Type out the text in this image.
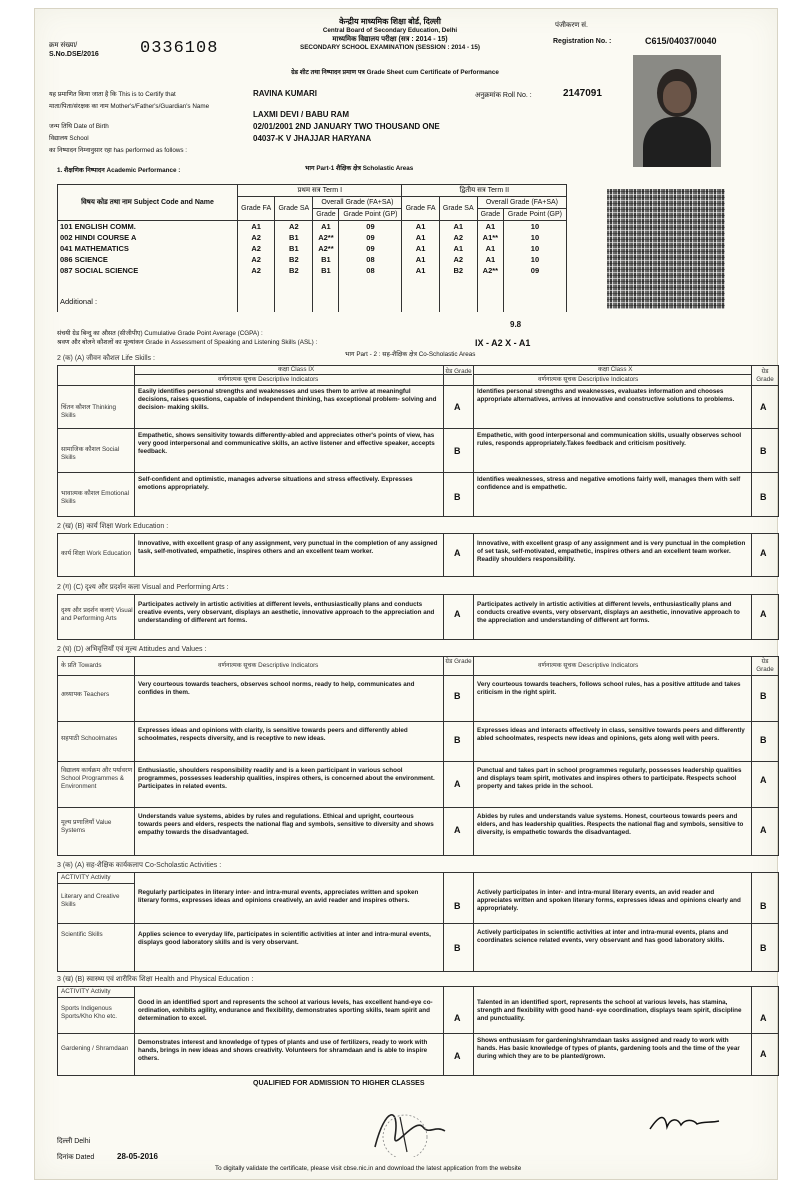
क्रम संख्या/
S.No.DSE/2016 0336108
केन्द्रीय माध्यमिक शिक्षा बोर्ड, दिल्ली
Central Board of Secondary Education, Delhi
माध्यमिक विद्यालय परीक्षा (सत्र : 2014 - 15)
SECONDARY SCHOOL EXAMINATION (SESSION : 2014 - 15)
ग्रेड शीट तथा निष्पादन प्रमाण पत्र Grade Sheet cum Certificate of Performance
पंजीकरण सं.
Registration No. :	C615/04037/0040
यह प्रमाणित किया जाता है कि This is to Certify that	RAVINA KUMARI	अनुक्रमांक Roll No. :	2147091
माता/पिता/संरक्षक का नाम Mother's/Father's/Guardian's Name
LAXMI DEVI / BABU RAM
जन्म तिथि Date of Birth	02/01/2001 2ND JANUARY TWO THOUSAND ONE
विद्यालय School	04037-K V JHAJJAR HARYANA
का निष्पादन निम्नानुसार रहा has performed as follows :
1. शैक्षणिक निष्पादन Academic Performance :	भाग Part-1 शैक्षिक क्षेत्र Scholastic Areas
विषय कोड तथा नाम Subject Code and Name	प्रथम सत्र Term I				द्वितीय सत्र Term II			
	Grade FA	Grade SA	Overall Grade (FA+SA)		Grade FA	Grade SA	Overall Grade (FA+SA)	
			Grade	Grade Point (GP)			Grade	Grade Point (GP)
101 ENGLISH COMM.	A1	A2	A1	09	A1	A1	A1	10
002 HINDI COURSE A	A2	B1	A2**	09	A1	A2	A1**	10
041 MATHEMATICS	A2	B1	A2**	09	A1	A1	A1	10
086 SCIENCE	A2	B2	B1	08	A1	A2	A1	10
087 SOCIAL SCIENCE	A2	B2	B1	08	A1	B2	A2**	09
Additional :								
9.8
संचयी ग्रेड बिन्दु का औसत (सीजीपीए) Cumulative Grade Point Average (CGPA) :
श्रवण और बोलने कौशलों का मूल्यांकन Grade in Assessment of Speaking and Listening Skills (ASL) :	IX - A2 X - A1
भाग Part - 2 : सह-शैक्षिक क्षेत्र Co-Scholastic Areas
2 (क) (A) जीवन कौशल Life Skills :
कक्षा Class IX
वर्णनात्मक सूचक Descriptive Indicators
ग्रेड Grade	कक्षा Class X
वर्णनात्मक सूचक Descriptive Indicators
ग्रेड Grade
चिंतन कौशल Thinking Skills
Easily identifies personal strengths and weaknesses and uses them to arrive at meaningful decisions, raises questions, capable of independent thinking, has exceptional problem- solving and decision- making skills.	A
Identifies personal strengths and weaknesses, evaluates information and chooses appropriate alternatives, arrives at innovative and constructive solutions to problems.
A
सामाजिक कौशल Social Skills
Empathetic, shows sensitivity towards differently-abled and appreciates other's points of view, has very good interpersonal and communicative skills, an active listener and effective speaker, accepts feedback.	B
Empathetic, with good interpersonal and communication skills, usually observes school rules, responds appropriately.Takes feedback and criticism positively.
B
भावात्मक कौशल Emotional Skills
Self-confident and optimistic, manages adverse situations and stress effectively. Expresses emotions appropriately.
B
Identifies weaknesses, stress and negative emotions fairly well, manages them with self confidence and is empathetic.
B
2 (ख) (B) कार्य शिक्षा Work Education :
कार्य शिक्षा Work Education
Innovative, with excellent grasp of any assignment, very punctual in the completion of any assigned task, self-motivated, empathetic, inspires others and an excellent team worker.	A
Innovative, with excellent grasp of any assignment and is very punctual in the completion of set task, self-motivated, empathetic, inspires others and an excellent team worker. Readily shoulders responsibility.
A
2 (ग) (C) दृश्य और प्रदर्शन कला Visual and Performing Arts :
दृश्य और प्रदर्शन कलाएं Visual and Performing Arts
Participates actively in artistic activities at different levels, enthusiastically plans and conducts creative events, very observant, displays an aesthetic, innovative approach to the appreciation and understanding of different art forms.
A
Participates actively in artistic activities at different levels, enthusiastically plans and conducts creative events, very observant, displays an aesthetic, innovative approach to the appreciation and understanding of different art forms.
A
2 (घ) (D) अभिवृत्तियाँ एवं मूल्य Attitudes and Values :
के प्रति Towards	वर्णनात्मक सूचक Descriptive Indicators
ग्रेड Grade
वर्णनात्मक सूचक Descriptive Indicators
ग्रेड Grade
अध्यापक Teachers
Very courteous towards teachers, observes school norms, ready to help, communicates and confides in them.	B
Very courteous towards teachers, follows school rules, has a positive attitude and takes criticism in the right spirit.	B
सहपाठी Schoolmates
Expresses ideas and opinions with clarity, is sensitive towards peers and differently abled schoolmates, respects diversity, and is receptive to new ideas.	B
Expresses ideas and interacts effectively in class, sensitive towards peers and differently abled schoolmates, respects new ideas and opinions, gets along well with peers.	B
विद्यालय कार्यक्रम और पर्यावरण School Programmes & Environment
Enthusiastic, shoulders responsibility readily and is a keen participant in various school programmes, possesses leadership qualities, inspires others, is concerned about the environment. Participates in related events.	A
Punctual and takes part in school programmes regularly, possesses leadership qualities and displays team spirit, motivates and inspires others to participate. Respects school property and takes pride in the school.
A
मूल्य प्रणालियाँ Value Systems
Understands value systems, abides by rules and regulations. Ethical and upright, courteous towards peers and elders, respects the national flag and symbols, sensitive to diversity and shows empathy towards the disadvantaged.	A
Abides by rules and understands value systems. Honest, courteous towards peers and elders, and has leadership qualities. Respects the national flag and symbols, sensitive to diversity, is empathetic towards the disadvantaged.	A
3 (क) (A) सह-शैक्षिक कार्यकलाप Co-Scholastic Activities :
ACTIVITY Activity
Literary and Creative Skills
Regularly participates in literary inter- and intra-mural events, appreciates written and spoken literary forms, expresses ideas and opinions creatively, an avid reader and inspires others.
B
Actively participates in inter- and intra-mural literary events, an avid reader and appreciates written and spoken literary forms, expresses ideas and opinions clearly and appropriately.	B
Scientific Skills	Applies science to everyday life, participates in scientific activities at inter and intra-mural events, displays good laboratory skills and is very observant.
B
Actively participates in scientific activities at inter and intra-mural events, plans and coordinates science related events, very observant and has good laboratory skills.
B
3 (ख) (B) स्वास्थ्य एवं शारीरिक शिक्षा Health and Physical Education :
ACTIVITY Activity
Sports Indigenous Sports/Kho Kho etc.
Good in an identified sport and represents the school at various levels, has excellent hand-eye co-ordination, exhibits agility, endurance and flexibility, demonstrates sporting skills, team spirit and determination to excel.	A
Talented in an identified sport, represents the school at various levels, has stamina, strength and flexibility with good hand- eye coordination, displays team spirit, discipline and punctuality.	A
Gardening / Shramdaan
Demonstrates interest and knowledge of types of plants and use of fertilizers, ready to work with hands, brings in new ideas and shows creativity. Volunteers for shramdaan and is able to inspire others.	A
Shows enthusiasm for gardening/shramdaan tasks assigned and ready to work with hands. Has basic knowledge of types of plants, gardening tools and the time of the year during which they are to be planted/grown.	A
QUALIFIED FOR ADMISSION TO HIGHER CLASSES
दिल्ली Delhi
दिनांक Dated	28-05-2016
To digitally validate the certificate, please visit cbse.nic.in and download the latest application from the website
